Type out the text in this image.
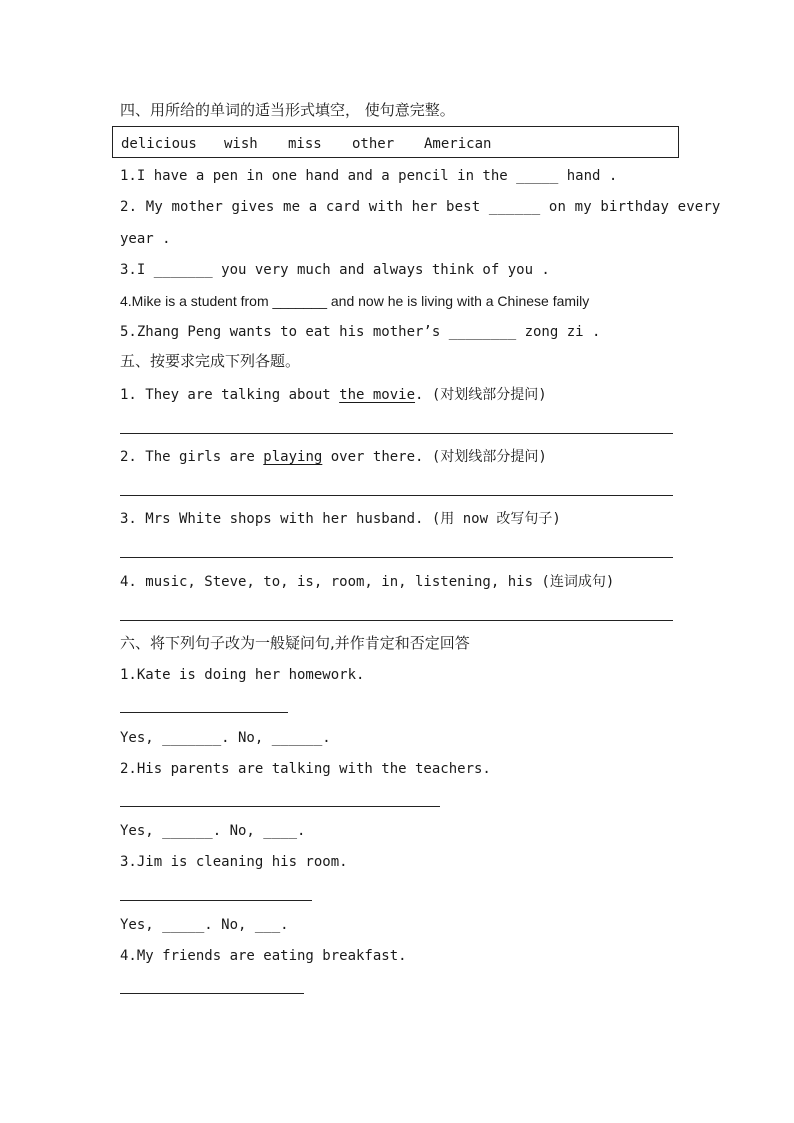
四、用所给的单词的适当形式填空， 使句意完整。
delicious wish miss other American
1.I have a pen in one hand and a pencil in the _____ hand .
2. My mother gives me a card with her best ______ on my birthday every
year .
3.I _______ you very much and always think of you .
4.Mike is a student from _______ and now he is living with a Chinese family
5.Zhang Peng wants to eat his mother’s ________ zong zi .
五、按要求完成下列各题。
1. They are talking about the movie. (对划线部分提问)
2. The girls are playing over there. (对划线部分提问)
3. Mrs White shops with her husband. (用 now 改写句子)
4. music, Steve, to, is, room, in, listening, his (连词成句)
六、将下列句子改为一般疑问句,并作肯定和否定回答
1.Kate is doing her homework.
Yes, _______. No, ______.
2.His parents are talking with the teachers.
Yes, ______. No, ____.
3.Jim is cleaning his room.
Yes, _____. No, ___.
4.My friends are eating breakfast.
